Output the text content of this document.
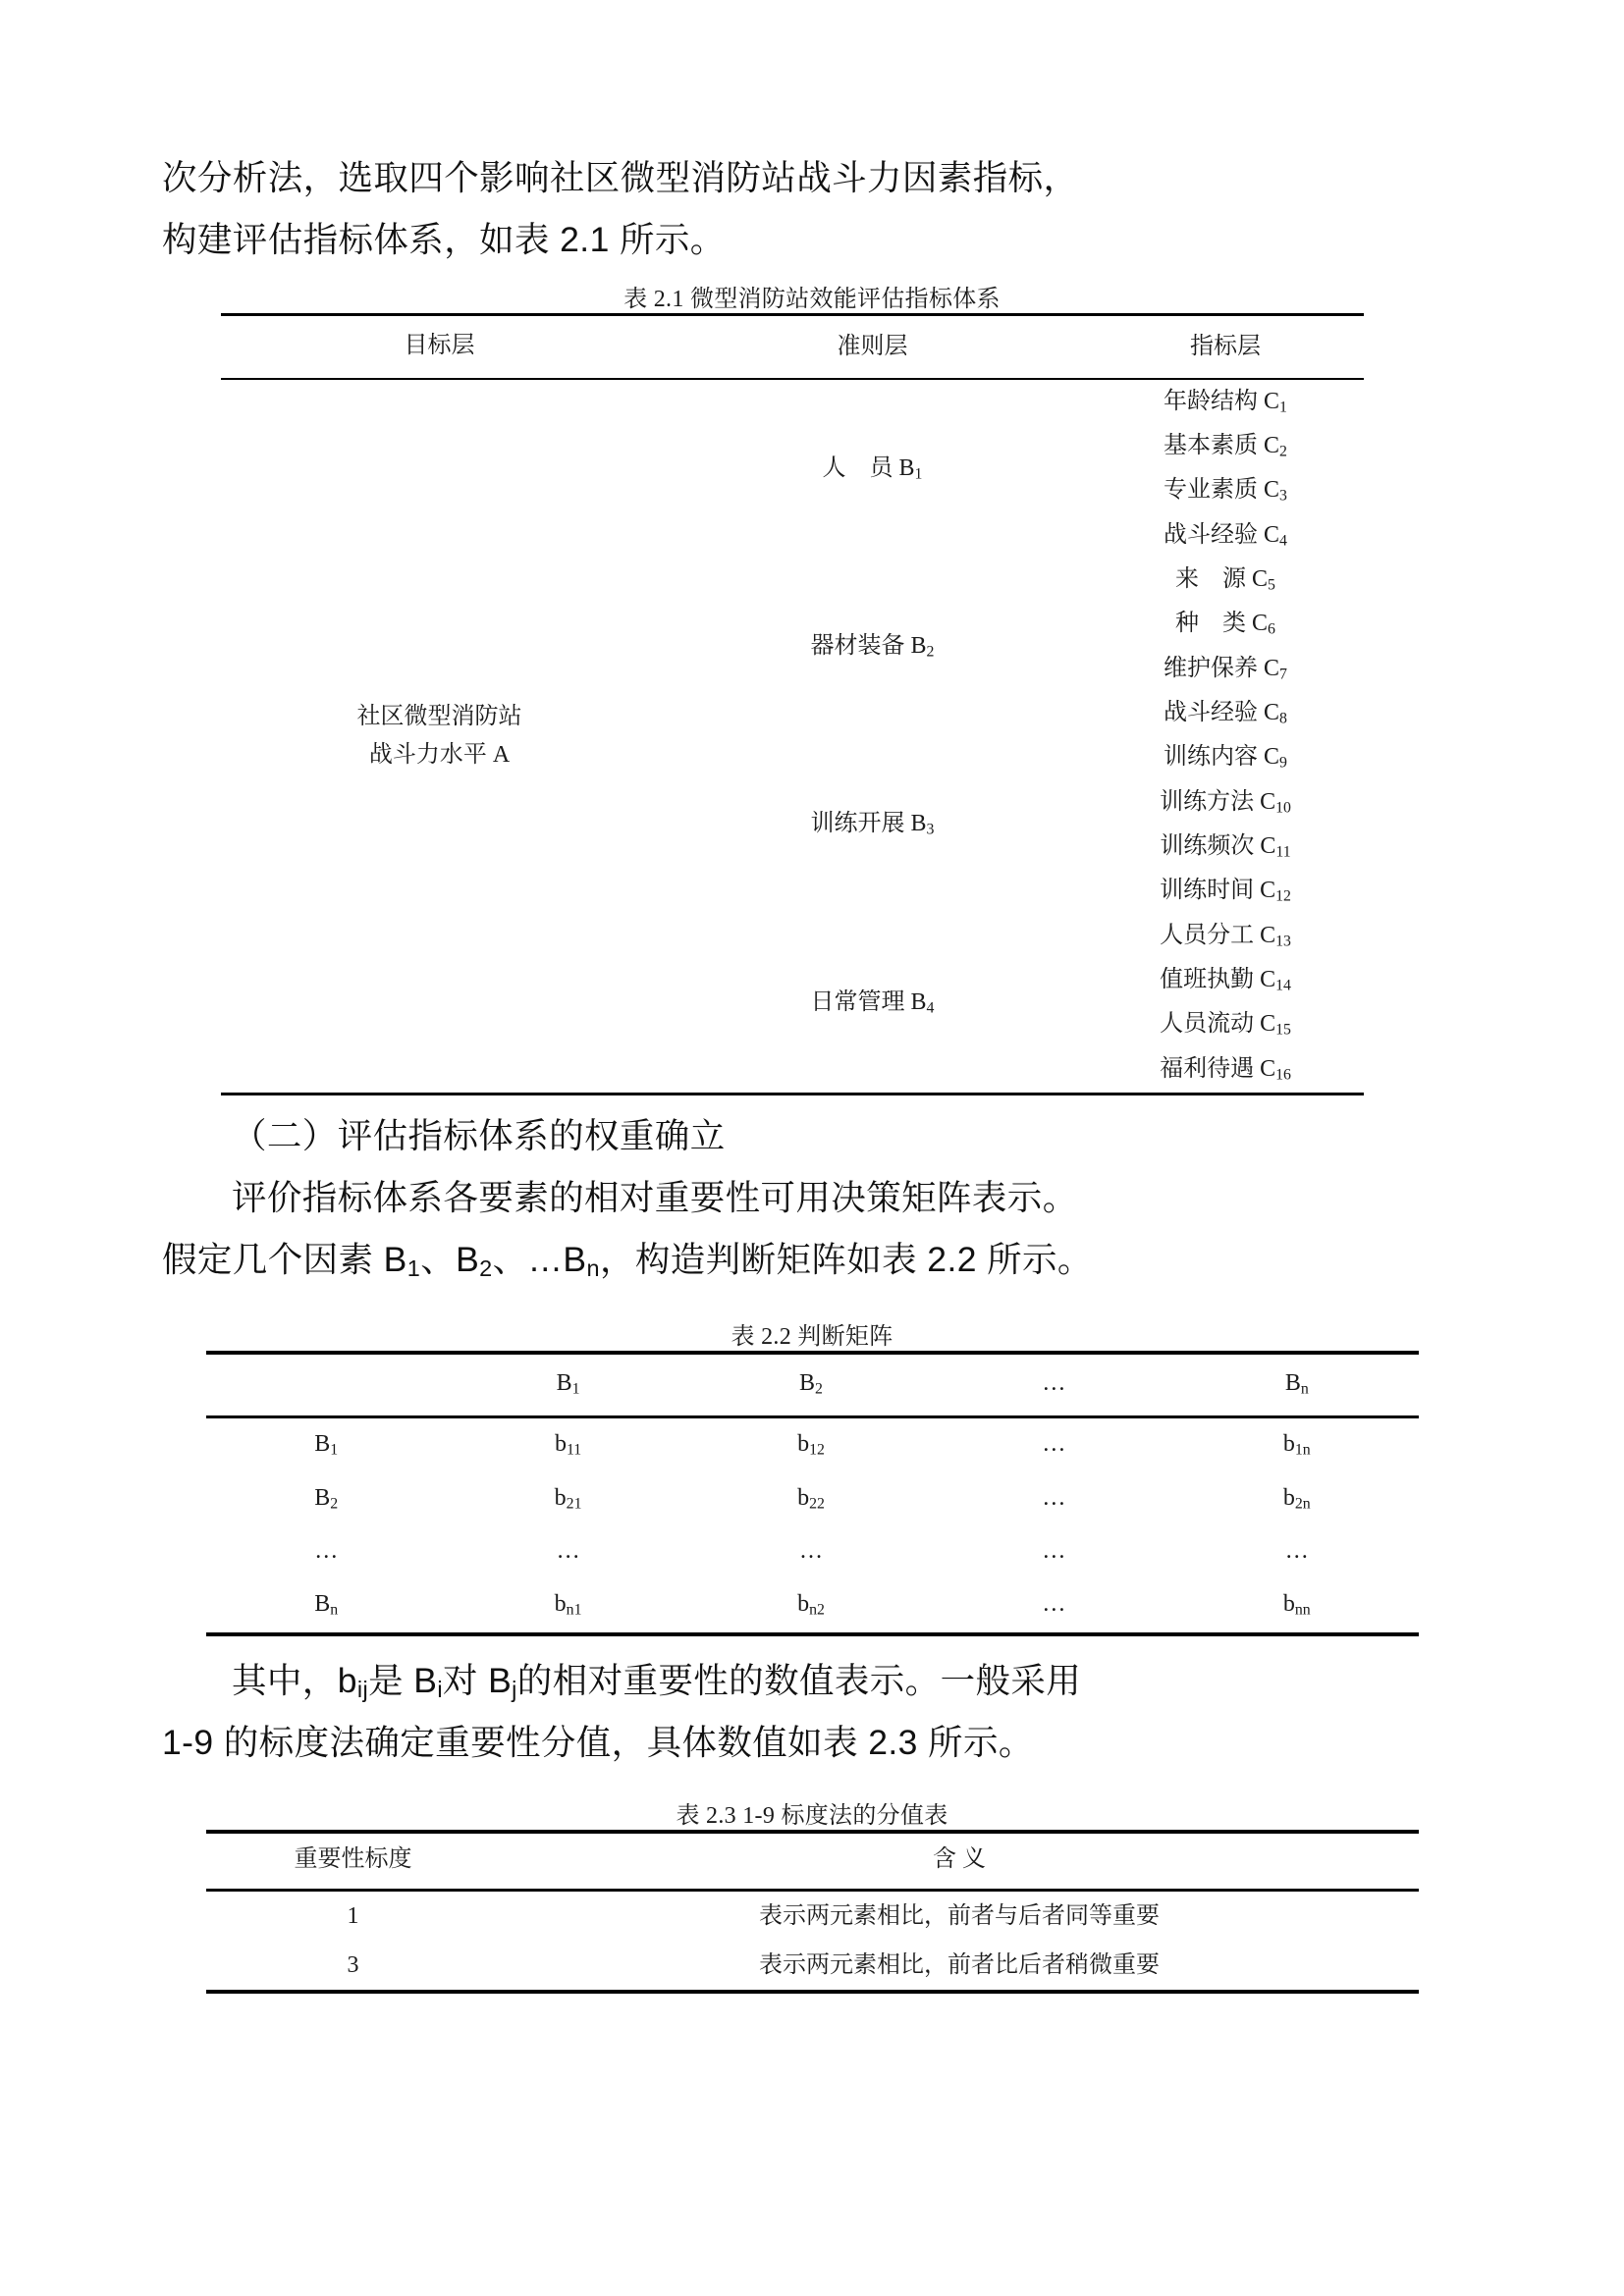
次分析法，选取四个影响社区微型消防站战斗力因素指标，
构建评估指标体系，如表 2.1 所示。

表 2.1 微型消防站效能评估指标体系
目标层	准则层	指标层

社区微型消防站
战斗力水平 A	人　员 $B_1$	年龄结构 $C_1$
		基本素质 $C_2$
		专业素质 $C_3$
		战斗经验 $C_4$
	器材装备 $B_2$	来　源 $C_5$
		种　类 $C_6$
		维护保养 $C_7$
		战斗经验 $C_8$
	训练开展 $B_3$	训练内容 $C_9$
		训练方法 $C_{10}$
		训练频次 $C_{11}$
		训练时间 $C_{12}$
	日常管理 $B_4$	人员分工 $C_{13}$
		值班执勤 $C_{14}$
		人员流动 $C_{15}$
		福利待遇 $C_{16}$

（二）评估指标体系的权重确立

评价指标体系各要素的相对重要性可用决策矩阵表示。
假定几个因素 $B_1$、$B_2$、$\dots B_n$，构造判断矩阵如表 2.2 所示。

表 2.2 判断矩阵
	$B_1$	$B_2$	…	$B_n$
$B_1$	$b_{11}$	$b_{12}$	…	$b_{1n}$
$B_2$	$b_{21}$	$b_{22}$	…	$b_{2n}$
…	…	…	…	…
$B_n$	$b_{n1}$	$b_{n2}$	…	$b_{nn}$

其中，$b_{ij}$是 $B_i$对 $B_j$的相对重要性的数值表示。一般采用
1-9 的标度法确定重要性分值，具体数值如表 2.3 所示。

表 2.3 1-9 标度法的分值表
重要性标度	含 义
1	表示两元素相比，前者与后者同等重要
3	表示两元素相比，前者比后者稍微重要
